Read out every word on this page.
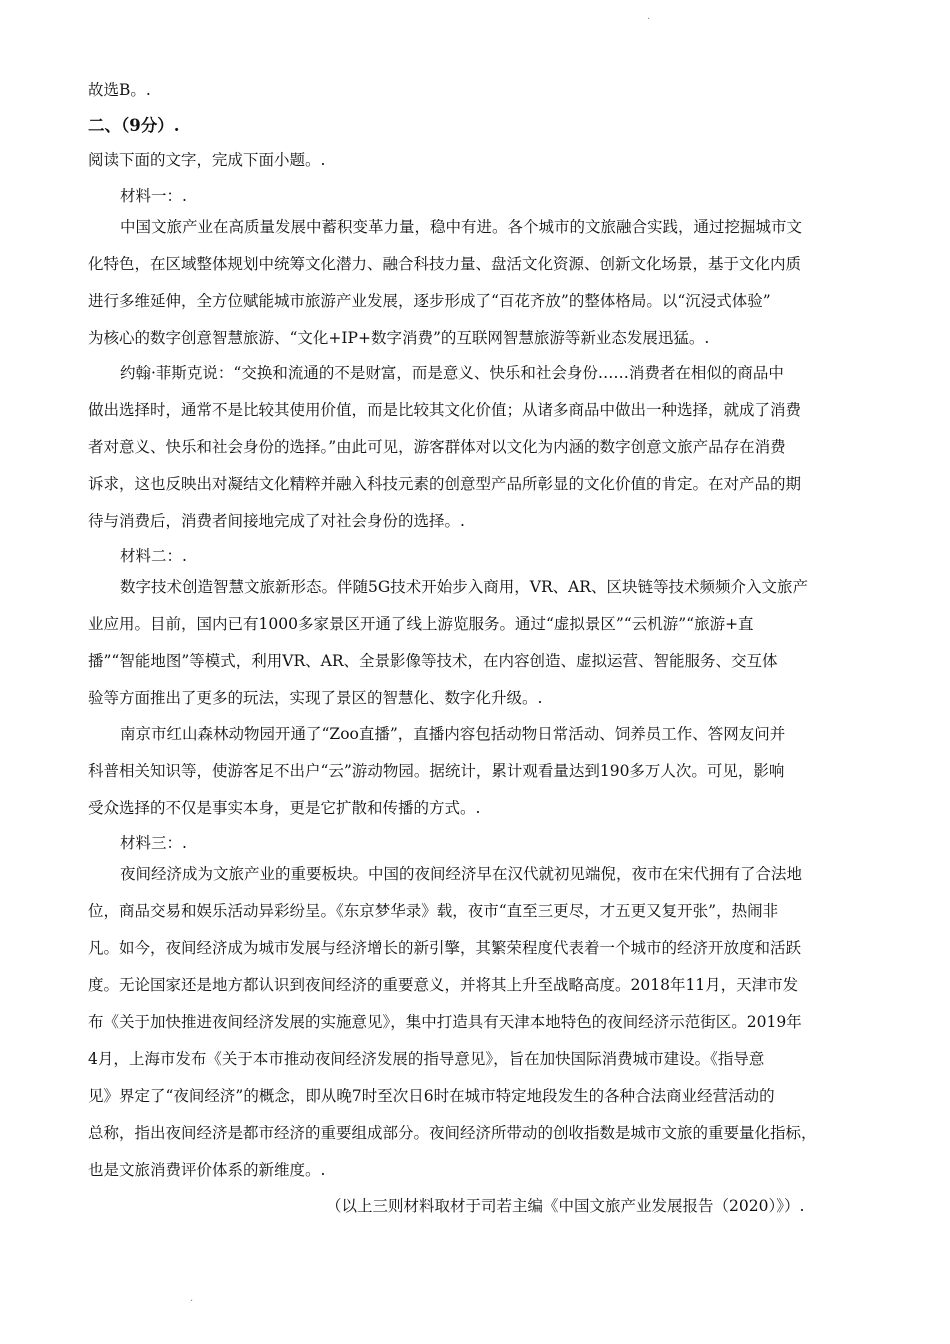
·
故选B。.
二、（9分）.
阅读下面的文字，完成下面小题。.
材料一：.
中国文旅产业在高质量发展中蓄积变革力量，稳中有进。各个城市的文旅融合实践，通过挖掘城市文
化特色，在区域整体规划中统筹文化潜力、融合科技力量、盘活文化资源、创新文化场景，基于文化内质
进行多维延伸，全方位赋能城市旅游产业发展，逐步形成了“百花齐放”的整体格局。以“沉浸式体验”
为核心的数字创意智慧旅游、“文化+IP+数字消费”的互联网智慧旅游等新业态发展迅猛。.
约翰·菲斯克说：“交换和流通的不是财富，而是意义、快乐和社会身份……消费者在相似的商品中
做出选择时，通常不是比较其使用价值，而是比较其文化价值；从诸多商品中做出一种选择，就成了消费
者对意义、快乐和社会身份的选择。”由此可见，游客群体对以文化为内涵的数字创意文旅产品存在消费
诉求，这也反映出对凝结文化精粹并融入科技元素的创意型产品所彰显的文化价值的肯定。在对产品的期
待与消费后，消费者间接地完成了对社会身份的选择。.
材料二：.
数字技术创造智慧文旅新形态。伴随5G技术开始步入商用，VR、AR、区块链等技术频频介入文旅产
业应用。目前，国内已有1000多家景区开通了线上游览服务。通过“虚拟景区”“云机游”“旅游+直
播”“智能地图”等模式，利用VR、AR、全景影像等技术，在内容创造、虚拟运营、智能服务、交互体
验等方面推出了更多的玩法，实现了景区的智慧化、数字化升级。.
南京市红山森林动物园开通了“Zoo直播”，直播内容包括动物日常活动、饲养员工作、答网友问并
科普相关知识等，使游客足不出户“云”游动物园。据统计，累计观看量达到190多万人次。可见，影响
受众选择的不仅是事实本身，更是它扩散和传播的方式。.
材料三：.
夜间经济成为文旅产业的重要板块。中国的夜间经济早在汉代就初见端倪，夜市在宋代拥有了合法地
位，商品交易和娱乐活动异彩纷呈。《东京梦华录》载，夜市“直至三更尽，才五更又复开张”，热闹非
凡。如今，夜间经济成为城市发展与经济增长的新引擎，其繁荣程度代表着一个城市的经济开放度和活跃
度。无论国家还是地方都认识到夜间经济的重要意义，并将其上升至战略高度。2018年11月，天津市发
布《关于加快推进夜间经济发展的实施意见》，集中打造具有天津本地特色的夜间经济示范街区。2019年
4月，上海市发布《关于本市推动夜间经济发展的指导意见》，旨在加快国际消费城市建设。《指导意
见》界定了“夜间经济”的概念，即从晚7时至次日6时在城市特定地段发生的各种合法商业经营活动的
总称，指出夜间经济是都市经济的重要组成部分。夜间经济所带动的创收指数是城市文旅的重要量化指标，
也是文旅消费评价体系的新维度。.
（以上三则材料取材于司若主编《中国文旅产业发展报告（2020）》）.
·
